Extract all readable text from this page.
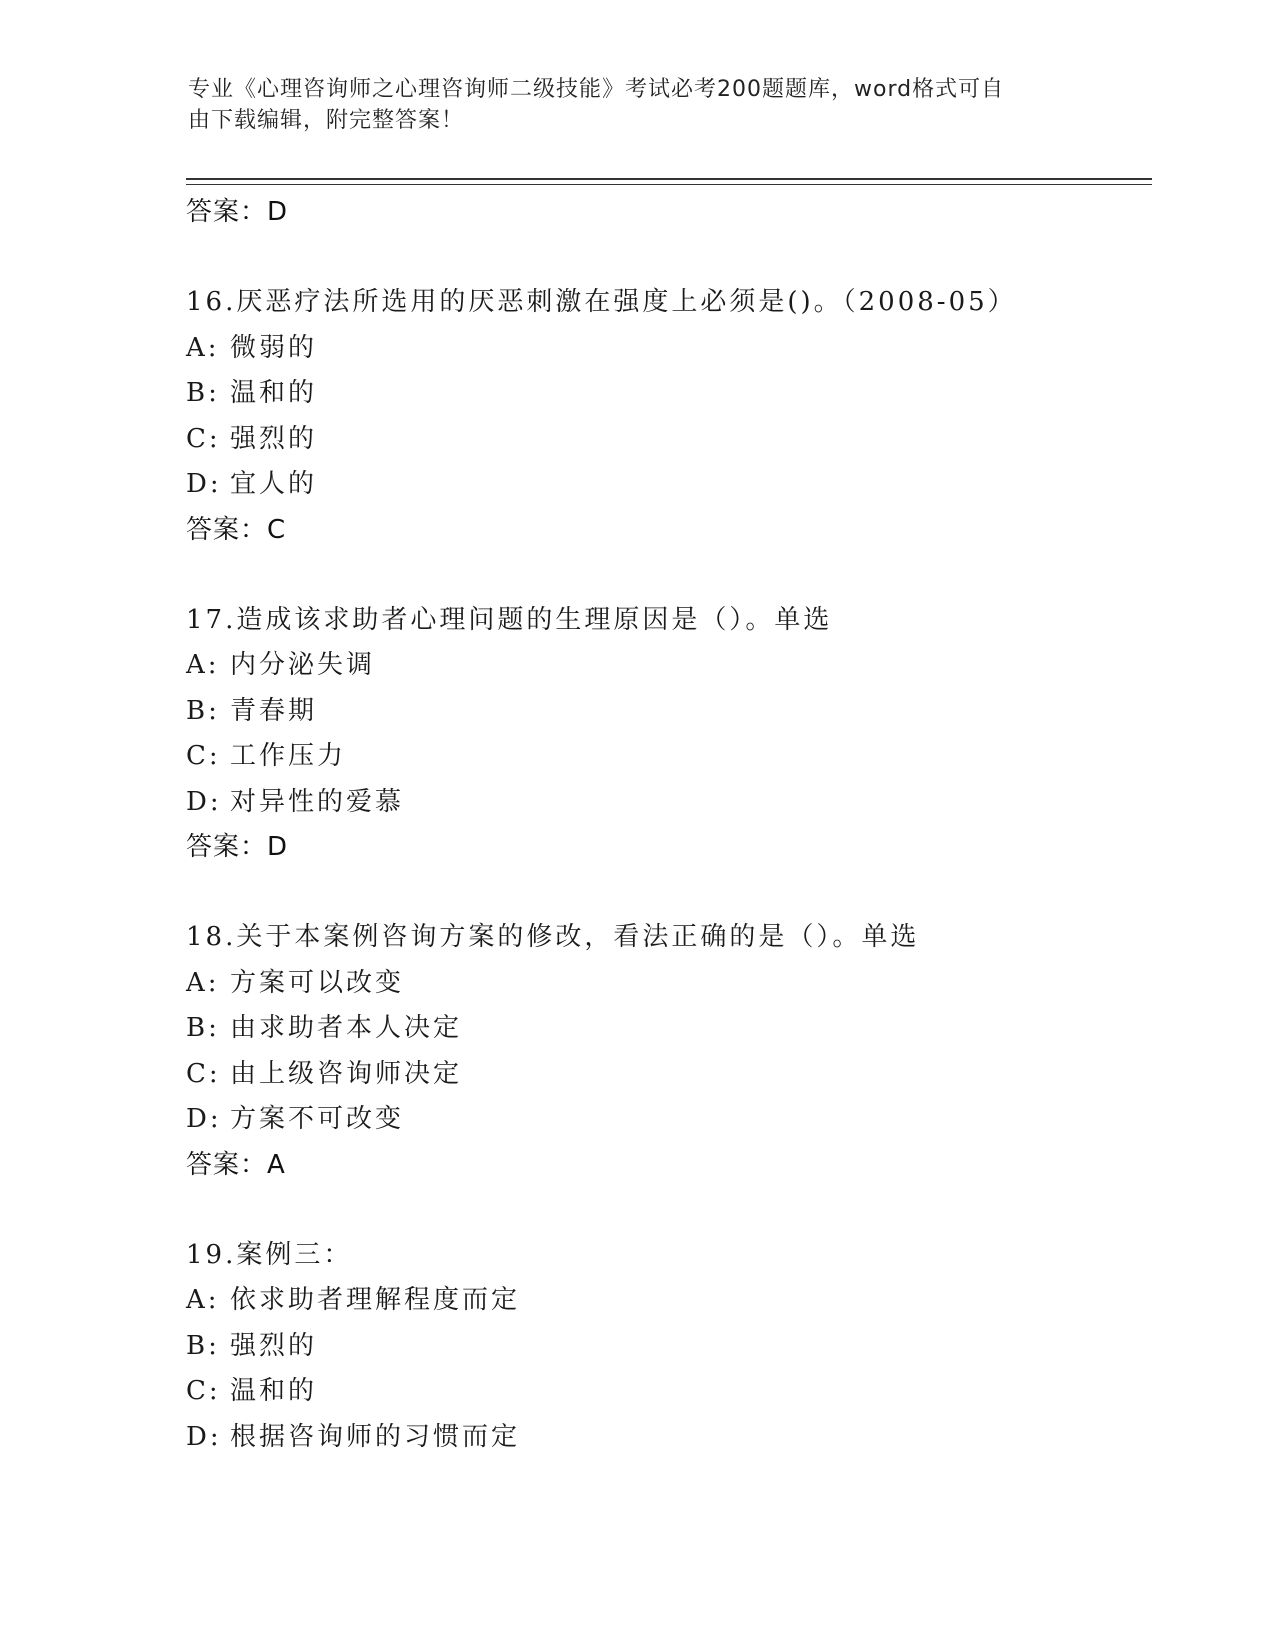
专业《心理咨询师之心理咨询师二级技能》考试必考200题题库，word格式可自
由下载编辑，附完整答案！
答案：D
16.厌恶疗法所选用的厌恶刺激在强度上必须是()。（2008-05）
A: 微弱的
B: 温和的
C: 强烈的
D: 宜人的
答案：C
17.造成该求助者心理问题的生理原因是（）。单选
A: 内分泌失调
B: 青春期
C: 工作压力
D: 对异性的爱慕
答案：D
18.关于本案例咨询方案的修改，看法正确的是（）。单选
A: 方案可以改变
B: 由求助者本人决定
C: 由上级咨询师决定
D: 方案不可改变
答案：A
19.案例三：
A: 依求助者理解程度而定
B: 强烈的
C: 温和的
D: 根据咨询师的习惯而定
